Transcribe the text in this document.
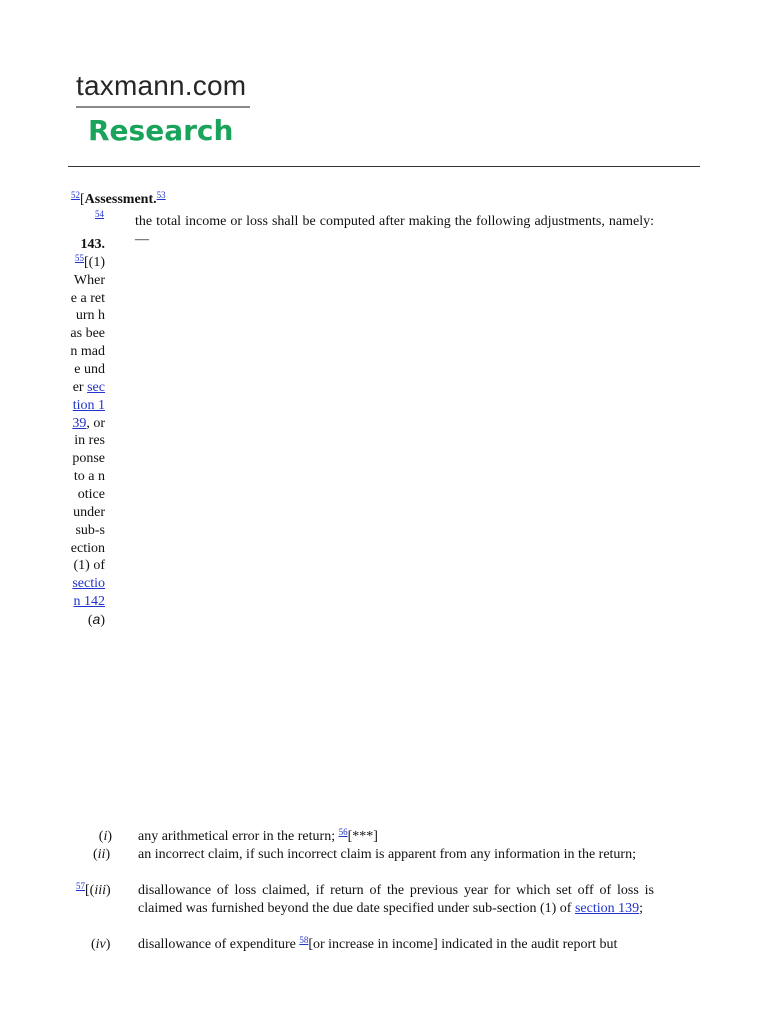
taxmann.com
Research
$^{52}$[Assessment.$^{53}$
54
143.
$^{55}$[(1) Where a return has been made under section 139, or in response to a notice under sub-section (1) of section 142(a)
the total income or loss shall be computed after making the following adjustments, namely:—
(i) any arithmetical error in the return; $^{56}$[***]
(ii) an incorrect claim, if such incorrect claim is apparent from any information in the return;
$^{57}$[(iii) disallowance of loss claimed, if return of the previous year for which set off of loss is claimed was furnished beyond the due date specified under sub-section (1) of section 139;
(iv) disallowance of expenditure $^{58}$[or increase in income] indicated in the audit report but
